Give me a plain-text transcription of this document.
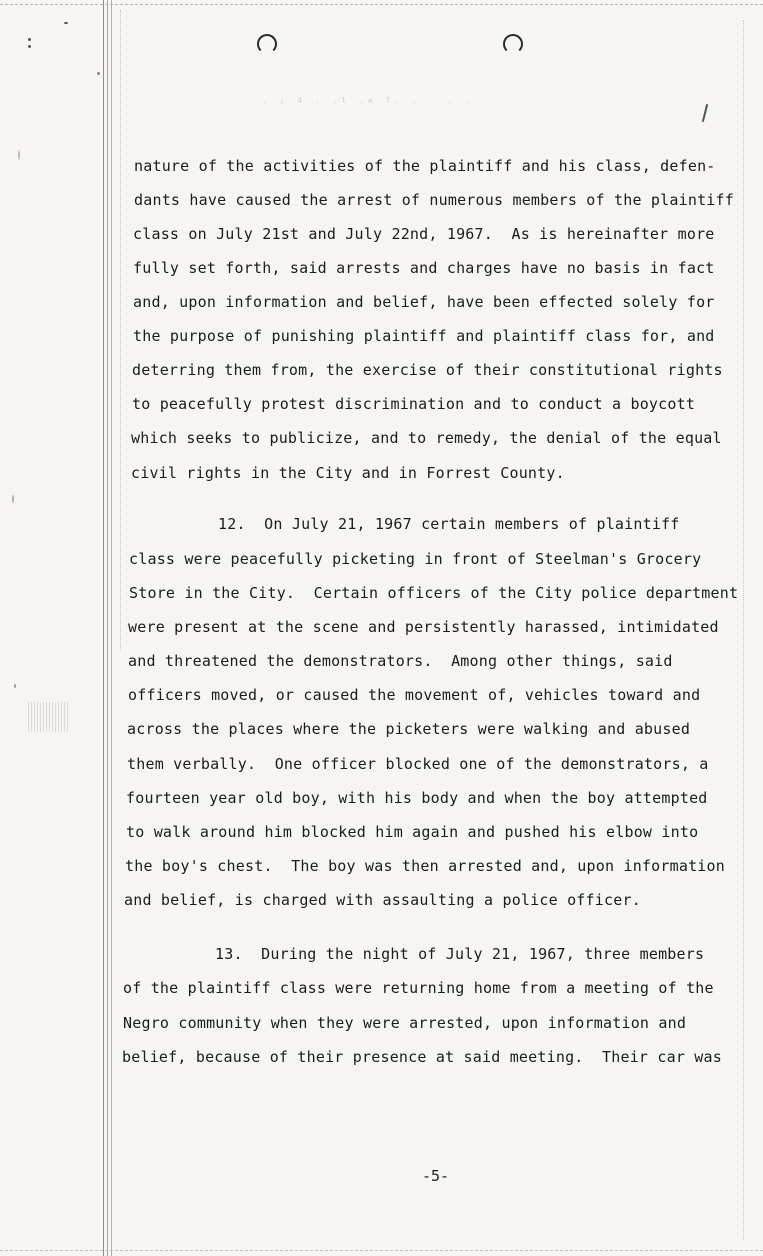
. ; 4 . .l .a ?. . . . .
nature of the activities of the plaintiff and his class, defen-
dants have caused the arrest of numerous members of the plaintiff
class on July 21st and July 22nd, 1967.  As is hereinafter more
fully set forth, said arrests and charges have no basis in fact
and, upon information and belief, have been effected solely for
the purpose of punishing plaintiff and plaintiff class for, and
deterring them from, the exercise of their constitutional rights
to peacefully protest discrimination and to conduct a boycott
which seeks to publicize, and to remedy, the denial of the equal
civil rights in the City and in Forrest County.
12.  On July 21, 1967 certain members of plaintiff
class were peacefully picketing in front of Steelman's Grocery
Store in the City.  Certain officers of the City police department
were present at the scene and persistently harassed, intimidated
and threatened the demonstrators.  Among other things, said
officers moved, or caused the movement of, vehicles toward and
across the places where the picketers were walking and abused
them verbally.  One officer blocked one of the demonstrators, a
fourteen year old boy, with his body and when the boy attempted
to walk around him blocked him again and pushed his elbow into
the boy's chest.  The boy was then arrested and, upon information
and belief, is charged with assaulting a police officer.
13.  During the night of July 21, 1967, three members
of the plaintiff class were returning home from a meeting of the
Negro community when they were arrested, upon information and
belief, because of their presence at said meeting.  Their car was
-5-
